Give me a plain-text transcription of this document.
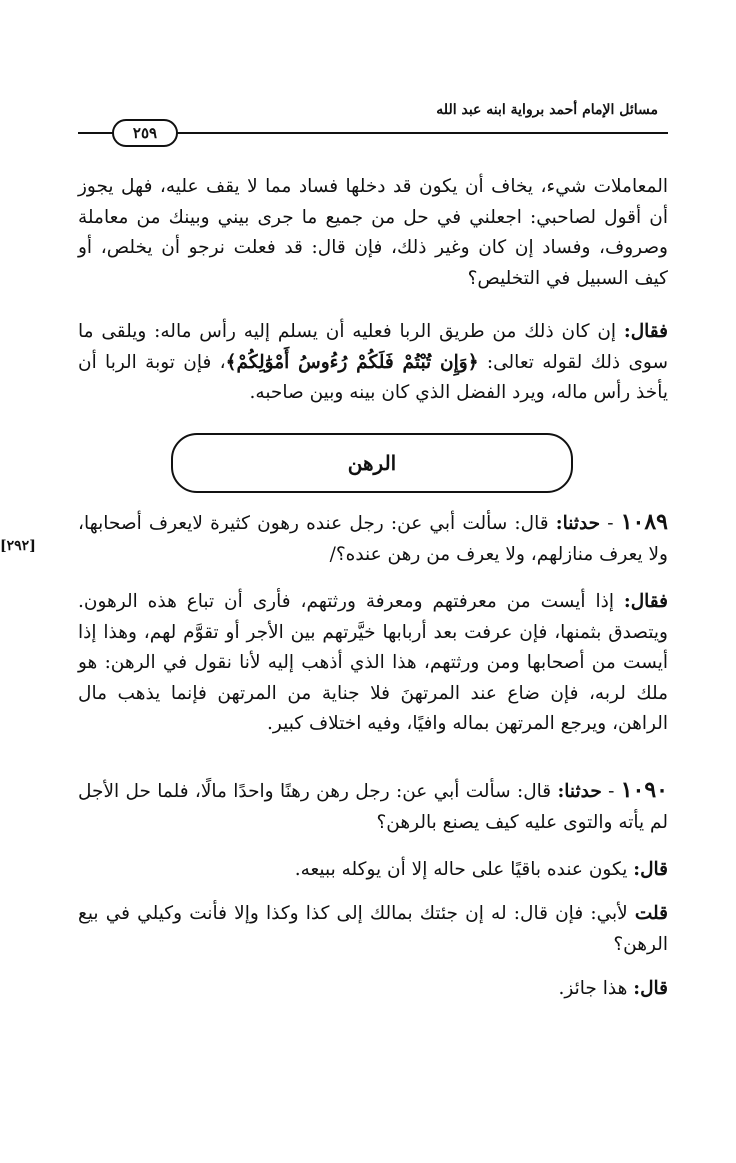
مسائل الإمام أحمد برواية ابنه عبد الله
٢٥٩
المعاملات شيء، يخاف أن يكون قد دخلها فساد مما لا يقف عليه، فهل يجوز أن أقول لصاحبي: اجعلني في حل من جميع ما جرى بيني وبينك من معاملة وصروف، وفساد إن كان وغير ذلك، فإن قال: قد فعلت نرجو أن يخلص، أو كيف السبيل في التخليص؟
فقال: إن كان ذلك من طريق الربا فعليه أن يسلم إليه رأس ماله: ويلقى ما سوى ذلك لقوله تعالى: ﴿وَإِن تُبْتُمْ فَلَكُمْ رُءُوسُ أَمْوَٰلِكُمْ﴾، فإن توبة الربا أن يأخذ رأس ماله، ويرد الفضل الذي كان بينه وبين صاحبه.
الرهن
١٠٨٩ - حدثنا: قال: سألت أبي عن: رجل عنده رهون كثيرة لايعرف أصحابها، ولا يعرف منازلهم، ولا يعرف من رهن عنده؟/
[٢٩٢]
فقال: إذا أيست من معرفتهم ومعرفة ورثتهم، فأرى أن تباع هذه الرهون. ويتصدق بثمنها، فإن عرفت بعد أربابها خيَّرتهم بين الأجر أو تقوَّم لهم، وهذا إذا أيست من أصحابها ومن ورثتهم، هذا الذي أذهب إليه لأنا نقول في الرهن: هو ملك لربه، فإن ضاع عند المرتهنَ فلا جناية من المرتهن فإنما يذهب مال الراهن، ويرجع المرتهن بماله وافيًا، وفيه اختلاف كبير.
١٠٩٠ - حدثنا: قال: سألت أبي عن: رجل رهن رهنًا واحدًا مالًا، فلما حل الأجل لم يأته والتوى عليه كيف يصنع بالرهن؟
قال: يكون عنده باقيًا على حاله إلا أن يوكله ببيعه.
قلت لأبي: فإن قال: له إن جئتك بمالك إلى كذا وكذا وإلا فأنت وكيلي في بيع الرهن؟
قال: هذا جائز.
